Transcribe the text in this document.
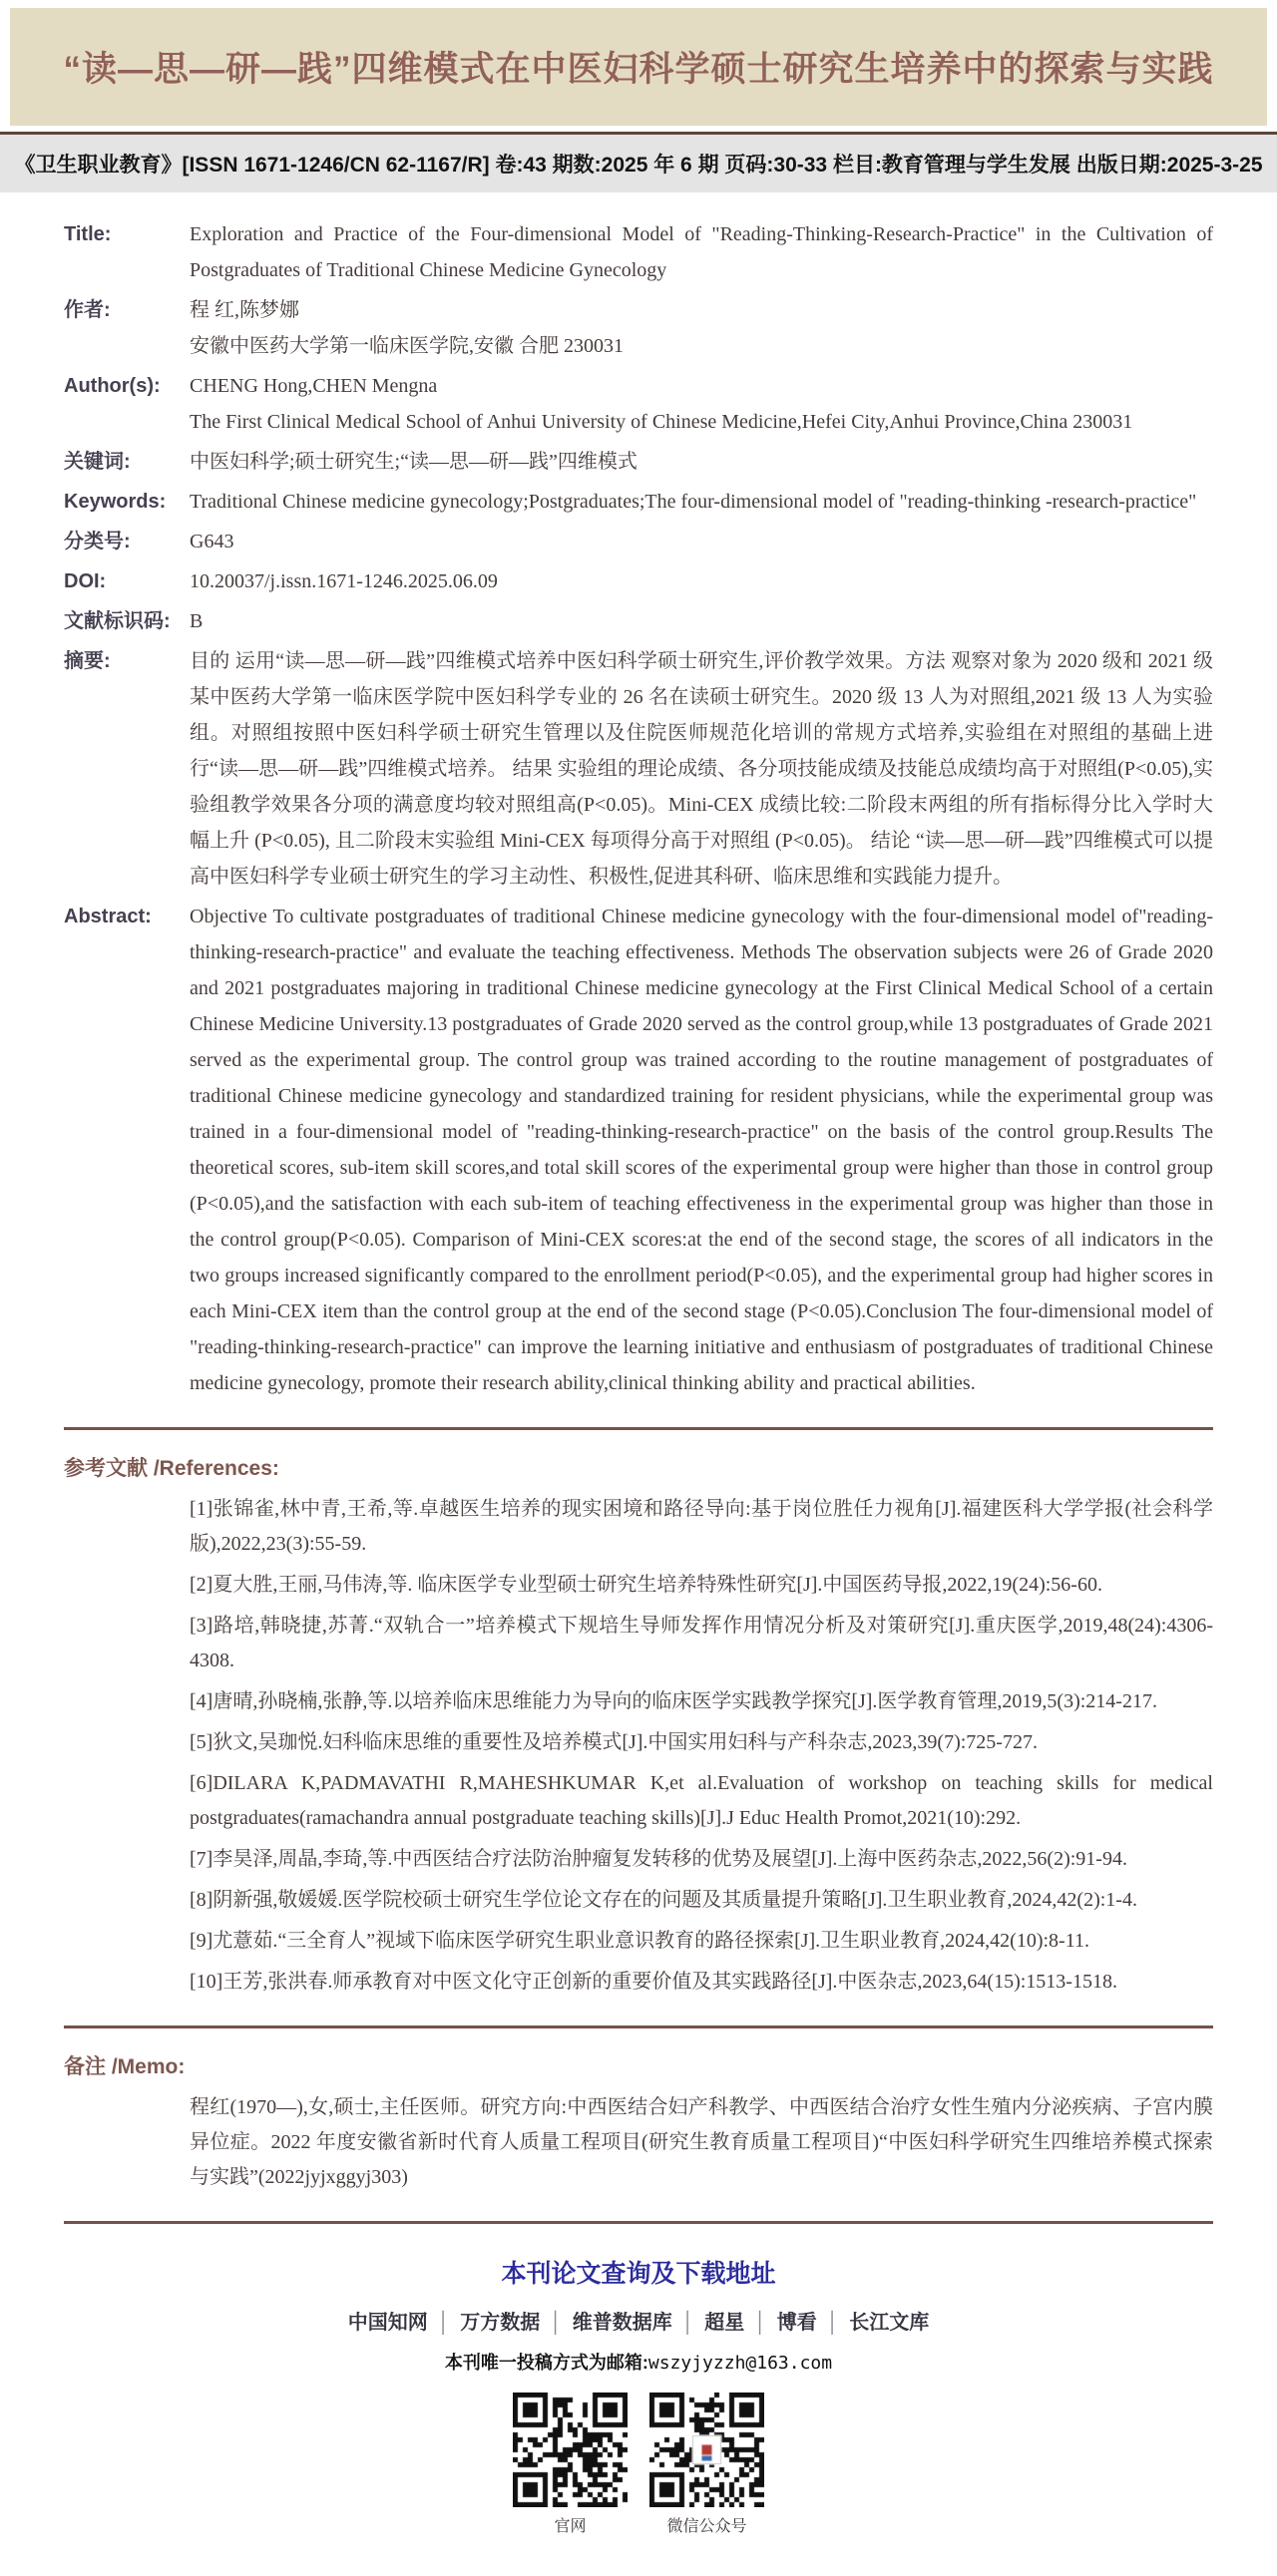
“读—思—研—践”四维模式在中医妇科学硕士研究生培养中的探索与实践
《卫生职业教育》[ISSN 1671-1246/CN 62-1167/R] 卷:43 期数:2025 年 6 期 页码:30-33 栏目:教育管理与学生发展 出版日期:2025-3-25
Title:	Exploration and Practice of the Four-dimensional Model of "Reading-Thinking-Research-Practice" in the Cultivation of Postgraduates of Traditional Chinese Medicine Gynecology

作者:	程 红,陈梦娜

安徽中医药大学第一临床医学院,安徽 合肥 230031

Author(s):	CHENG Hong,CHEN Mengna

The First Clinical Medical School of Anhui University of Chinese Medicine,Hefei City,Anhui Province,China 230031

关键词:	中医妇科学;硕士研究生;“读—思—研—践”四维模式

Keywords:	Traditional Chinese medicine gynecology;Postgraduates;The four-dimensional model of "reading-thinking -research-practice"

分类号:	G643

DOI:	10.20037/j.issn.1671-1246.2025.06.09

文献标识码: B

摘要:	目的 运用“读—思—研—践”四维模式培养中医妇科学硕士研究生,评价教学效果。方法 观察对象为 2020 级和 2021 级某中医药大学第一临床医学院中医妇科学专业的 26 名在读硕士研究生。2020 级 13 人为对照组,2021 级 13 人为实验组。对照组按照中医妇科学硕士研究生管理以及住院医师规范化培训的常规方式培养,实验组在对照组的基础上进行“读—思—研—践”四维模式培养。 结果 实验组的理论成绩、各分项技能成绩及技能总成绩均高于对照组(P<0.05),实验组教学效果各分项的满意度均较对照组高(P<0.05)。Mini-CEX 成绩比较:二阶段末两组的所有指标得分比入学时大幅上升 (P<0.05), 且二阶段末实验组 Mini-CEX 每项得分高于对照组 (P<0.05)。 结论 “读—思—研—践”四维模式可以提高中医妇科学专业硕士研究生的学习主动性、积极性,促进其科研、临床思维和实践能力提升。

Abstract:	Objective To cultivate postgraduates of traditional Chinese medicine gynecology with the four-dimensional model of"reading-thinking-research-practice" and evaluate the teaching effectiveness. Methods The observation subjects were 26 of Grade 2020 and 2021 postgraduates majoring in traditional Chinese medicine gynecology at the First Clinical Medical School of a certain Chinese Medicine University.13 postgraduates of Grade 2020 served as the control group,while 13 postgraduates of Grade 2021 served as the experimental group. The control group was trained according to the routine management of postgraduates of traditional Chinese medicine gynecology and standardized training for resident physicians, while the experimental group was trained in a four-dimensional model of "reading-thinking-research-practice" on the basis of the control group.Results The theoretical scores, sub-item skill scores,and total skill scores of the experimental group were higher than those in control group (P<0.05),and the satisfaction with each sub-item of teaching effectiveness in the experimental group was higher than those in the control group(P<0.05). Comparison of Mini-CEX scores:at the end of the second stage, the scores of all indicators in the two groups increased significantly compared to the enrollment period(P<0.05), and the experimental group had higher scores in each Mini-CEX item than the control group at the end of the second stage (P<0.05).Conclusion The four-dimensional model of "reading-thinking-research-practice" can improve the learning initiative and enthusiasm of postgraduates of traditional Chinese medicine gynecology, promote their research ability,clinical thinking ability and practical abilities.

参考文献 /References:

[1]张锦雀,林中青,王希,等.卓越医生培养的现实困境和路径导向:基于岗位胜任力视角[J].福建医科大学学报(社会科学版),2022,23(3):55-59.

[2]夏大胜,王丽,马伟涛,等. 临床医学专业型硕士研究生培养特殊性研究[J].中国医药导报,2022,19(24):56-60.

[3]路培,韩晓捷,苏菁.“双轨合一”培养模式下规培生导师发挥作用情况分析及对策研究[J].重庆医学,2019,48(24):4306-4308.

[4]唐晴,孙晓楠,张静,等.以培养临床思维能力为导向的临床医学实践教学探究[J].医学教育管理,2019,5(3):214-217.

[5]狄文,吴珈悦.妇科临床思维的重要性及培养模式[J].中国实用妇科与产科杂志,2023,39(7):725-727.

[6]DILARA K,PADMAVATHI R,MAHESHKUMAR K,et al.Evaluation of workshop on teaching skills for medical postgraduates(ramachandra annual postgraduate teaching skills)[J].J Educ Health Promot,2021(10):292.

[7]李昊泽,周晶,李琦,等.中西医结合疗法防治肿瘤复发转移的优势及展望[J].上海中医药杂志,2022,56(2):91-94.

[8]阴新强,敬媛媛.医学院校硕士研究生学位论文存在的问题及其质量提升策略[J].卫生职业教育,2024,42(2):1-4.

[9]尤薏茹.“三全育人”视域下临床医学研究生职业意识教育的路径探索[J].卫生职业教育,2024,42(10):8-11.

[10]王芳,张洪春.师承教育对中医文化守正创新的重要价值及其实践路径[J].中医杂志,2023,64(15):1513-1518.

备注 /Memo:

程红(1970—),女,硕士,主任医师。研究方向:中西医结合妇产科教学、中西医结合治疗女性生殖内分泌疾病、子宫内膜异位症。2022 年度安徽省新时代育人质量工程项目(研究生教育质量工程项目)“中医妇科学研究生四维培养模式探索与实践”(2022jyjxggyj303)

本刊论文查询及下载地址
中国知网 │ 万方数据 │ 维普数据库 │ 超星 │ 博看 │ 长江文库
本刊唯一投稿方式为邮箱:wszyjyzzh@163.com
官网	微信公众号
